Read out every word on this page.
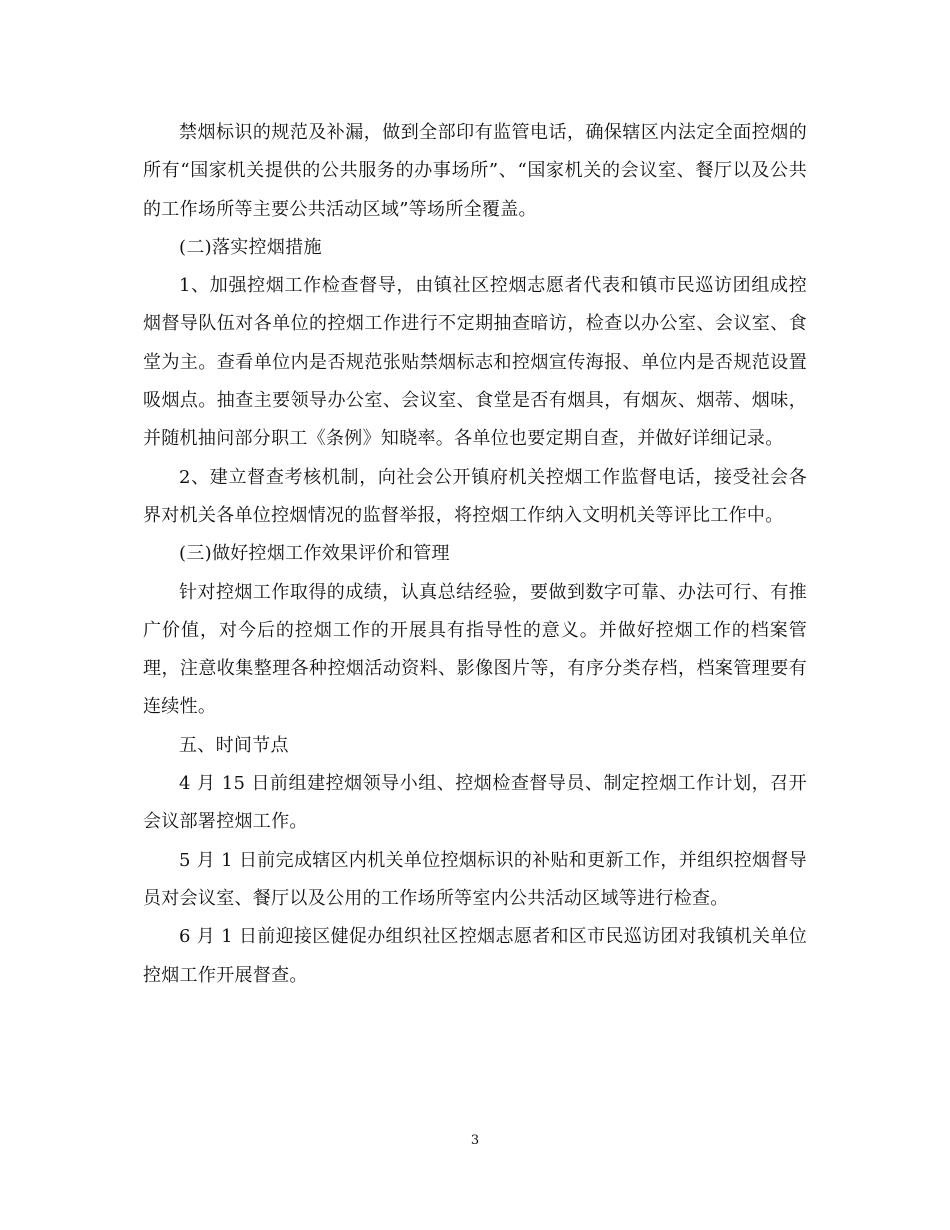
禁烟标识的规范及补漏，做到全部印有监管电话，确保辖区内法定全面控烟的所有“国家机关提供的公共服务的办事场所”、“国家机关的会议室、餐厅以及公共的工作场所等主要公共活动区域”等场所全覆盖。

(二)落实控烟措施

1、加强控烟工作检查督导，由镇社区控烟志愿者代表和镇市民巡访团组成控烟督导队伍对各单位的控烟工作进行不定期抽查暗访，检查以办公室、会议室、食堂为主。查看单位内是否规范张贴禁烟标志和控烟宣传海报、单位内是否规范设置吸烟点。抽查主要领导办公室、会议室、食堂是否有烟具，有烟灰、烟蒂、烟味，并随机抽问部分职工《条例》知晓率。各单位也要定期自查，并做好详细记录。

2、建立督查考核机制，向社会公开镇府机关控烟工作监督电话，接受社会各界对机关各单位控烟情况的监督举报，将控烟工作纳入文明机关等评比工作中。

(三)做好控烟工作效果评价和管理

针对控烟工作取得的成绩，认真总结经验，要做到数字可靠、办法可行、有推广价值，对今后的控烟工作的开展具有指导性的意义。并做好控烟工作的档案管理，注意收集整理各种控烟活动资料、影像图片等，有序分类存档，档案管理要有连续性。

五、时间节点

4 月 15 日前组建控烟领导小组、控烟检查督导员、制定控烟工作计划，召开会议部署控烟工作。

5 月 1 日前完成辖区内机关单位控烟标识的补贴和更新工作，并组织控烟督导员对会议室、餐厅以及公用的工作场所等室内公共活动区域等进行检查。

6 月 1 日前迎接区健促办组织社区控烟志愿者和区市民巡访团对我镇机关单位控烟工作开展督查。

3
